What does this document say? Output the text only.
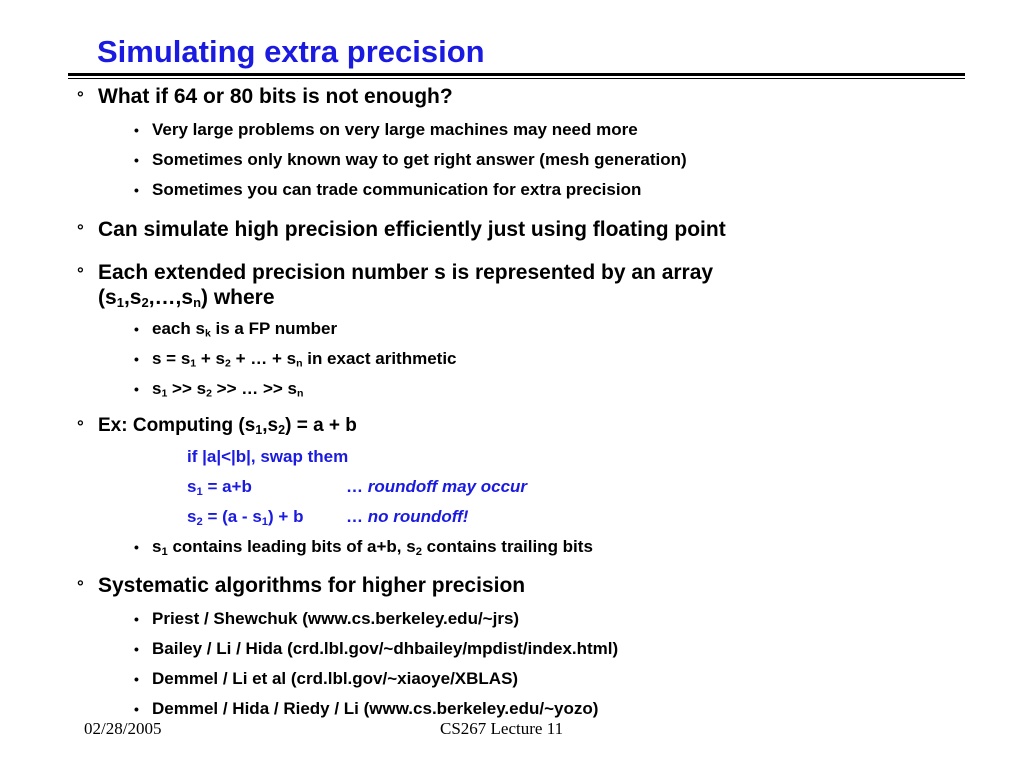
Simulating extra precision
° What if 64 or 80 bits is not enough?
• Very large problems on very large machines may need more
• Sometimes only known way to get right answer (mesh generation)
• Sometimes you can trade communication for extra precision
° Can simulate high precision efficiently just using floating point
° Each extended precision number s is represented by an array
$(s_1,s_2,\dots,s_n)$ where
• each $s_k$ is a FP number
• $s = s_1 + s_2$ + … + $s_n$ in exact arithmetic
• $s_1 >> s_2$ >> … >> $s_n$
° Ex: Computing (s1,s2) = a + b
if |a|<|b|, swap them
s1 = a+b	… roundoff may occur
s2 = (a - s1) + b	… no roundoff!
• s1 contains leading bits of a+b, s2 contains trailing bits
° Systematic algorithms for higher precision
• Priest / Shewchuk (www.cs.berkeley.edu/~jrs)
• Bailey / Li / Hida (crd.lbl.gov/~dhbailey/mpdist/index.html)
• Demmel / Li et al (crd.lbl.gov/~xiaoye/XBLAS)
• Demmel / Hida / Riedy / Li (www.cs.berkeley.edu/~yozo)
02/28/2005	CS267 Lecture 11
